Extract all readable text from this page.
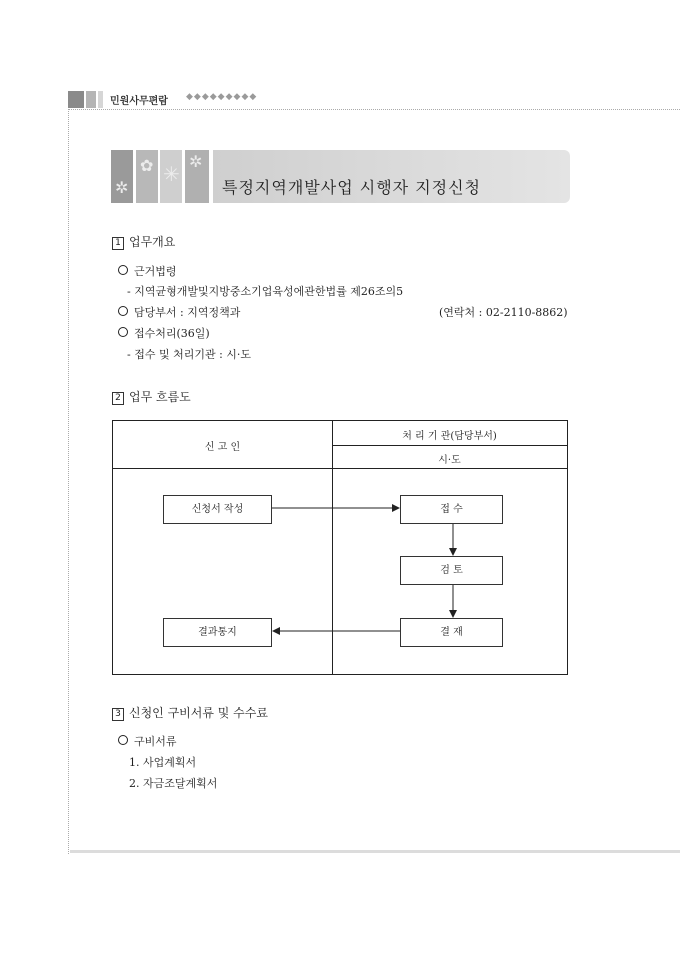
민원사무편람 ◆◆◆◆◆◆◆◆◆
✲
✿ ✳
✲
특정지역개발사업 시행자 지정신청
1 업무개요
근거법령
- 지역균형개발및지방중소기업육성에관한법률 제26조의5
담당부서 : 지역정책과	(연락처 : 02-2110-8862)
접수처리(36일)
- 접수 및 처리기관 : 시·도
2 업무 흐름도
신 고 인
처 리 기 관(담당부서)
시·도
신청서 작성	접 수
검 토
결 재
결과통지
3 신청인 구비서류 및 수수료
구비서류
1. 사업계획서
2. 자금조달계획서
